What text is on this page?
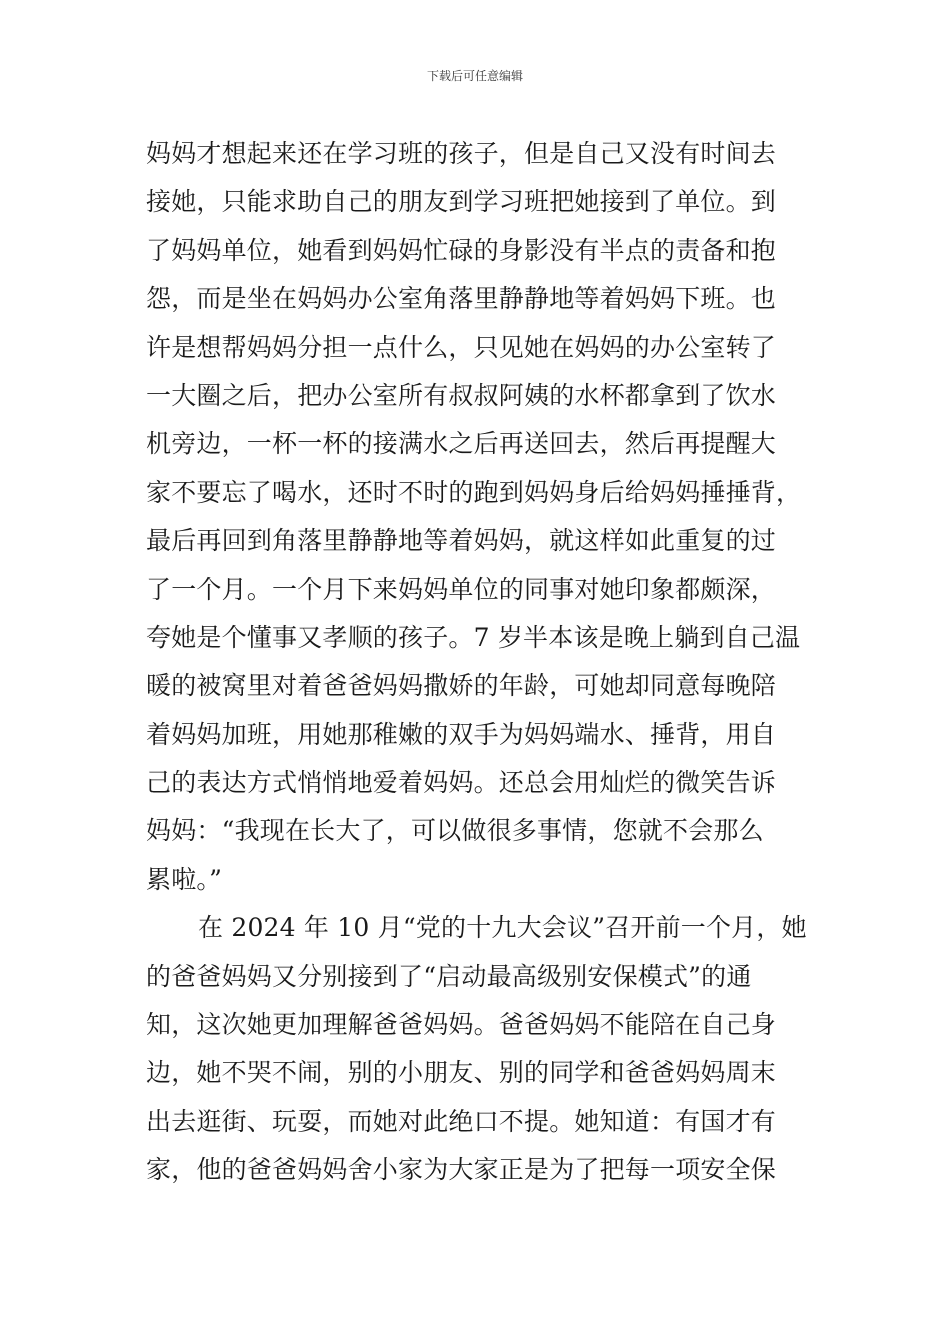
下载后可任意编辑
妈妈才想起来还在学习班的孩子，但是自己又没有时间去
接她，只能求助自己的朋友到学习班把她接到了单位。到
了妈妈单位，她看到妈妈忙碌的身影没有半点的责备和抱
怨，而是坐在妈妈办公室角落里静静地等着妈妈下班。也
许是想帮妈妈分担一点什么，只见她在妈妈的办公室转了
一大圈之后，把办公室所有叔叔阿姨的水杯都拿到了饮水
机旁边，一杯一杯的接满水之后再送回去，然后再提醒大
家不要忘了喝水，还时不时的跑到妈妈身后给妈妈捶捶背，
最后再回到角落里静静地等着妈妈，就这样如此重复的过
了一个月。一个月下来妈妈单位的同事对她印象都颇深，
夸她是个懂事又孝顺的孩子。7 岁半本该是晚上躺到自己温
暖的被窝里对着爸爸妈妈撒娇的年龄，可她却同意每晚陪
着妈妈加班，用她那稚嫩的双手为妈妈端水、捶背，用自
己的表达方式悄悄地爱着妈妈。还总会用灿烂的微笑告诉
妈妈：“我现在长大了，可以做很多事情，您就不会那么
累啦。”
在 2024 年 10 月“党的十九大会议”召开前一个月，她
的爸爸妈妈又分别接到了“启动最高级别安保模式”的通
知，这次她更加理解爸爸妈妈。爸爸妈妈不能陪在自己身
边，她不哭不闹，别的小朋友、别的同学和爸爸妈妈周末
出去逛街、玩耍，而她对此绝口不提。她知道：有国才有
家，他的爸爸妈妈舍小家为大家正是为了把每一项安全保
